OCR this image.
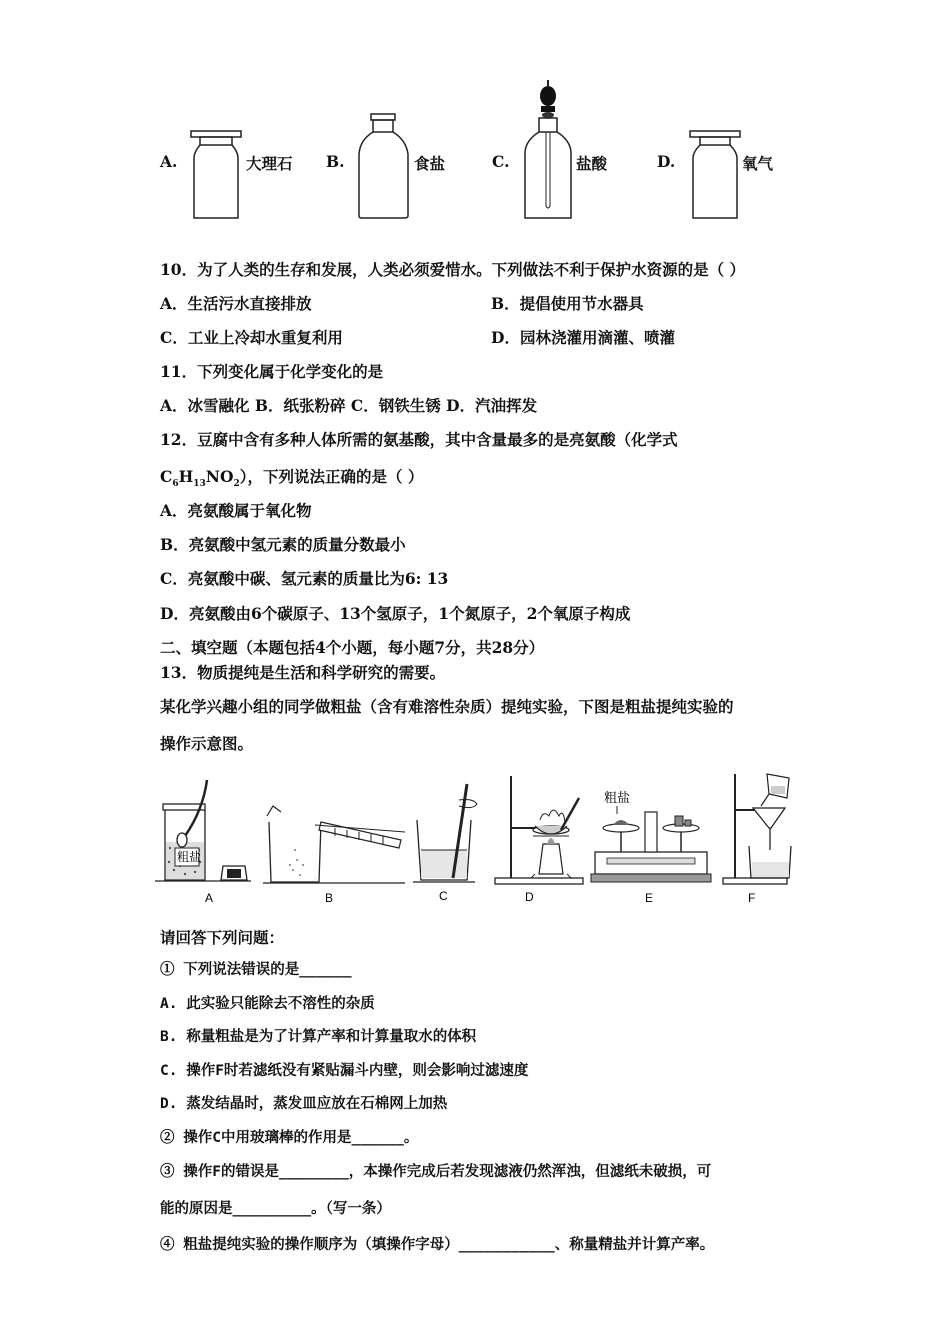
A.	大理石 B.	食盐	C.	盐酸	D.	氧气
10．为了人类的生存和发展，人类必须爱惜水。下列做法不利于保护水资源的是（ ）
A．生活污水直接排放	B．提倡使用节水器具
C．工业上冷却水重复利用	D．园林浇灌用滴灌、喷灌
11．下列变化属于化学变化的是
A．冰雪融化 B．纸张粉碎 C．钢铁生锈 D．汽油挥发
12．豆腐中含有多种人体所需的氨基酸，其中含量最多的是亮氨酸（化学式
$C_6H_{13}NO_2$），下列说法正确的是（ ）
A．亮氨酸属于氧化物
B．亮氨酸中氢元素的质量分数最小
C．亮氨酸中碳、氢元素的质量比为6: 13
D．亮氨酸由6个碳原子、13个氢原子，1个氮原子，2个氧原子构成
二、填空题（本题包括4个小题，每小题7分，共28分）
13．物质提纯是生活和科学研究的需要。
某化学兴趣小组的同学做粗盐（含有难溶性杂质）提纯实验，下图是粗盐提纯实验的
操作示意图。
粗盐
粗盐
A	B	C	D	E	F
请回答下列问题：
① 下列说法错误的是______
A. 此实验只能除去不溶性的杂质
B. 称量粗盐是为了计算产率和计算量取水的体积
C. 操作F时若滤纸没有紧贴漏斗内壁，则会影响过滤速度
D. 蒸发结晶时，蒸发皿应放在石棉网上加热
② 操作C中用玻璃棒的作用是______。
③ 操作F的错误是________，本操作完成后若发现滤液仍然浑浊，但滤纸未破损，可
能的原因是_________。（写一条）
④ 粗盐提纯实验的操作顺序为（填操作字母）___________、称量精盐并计算产率。
